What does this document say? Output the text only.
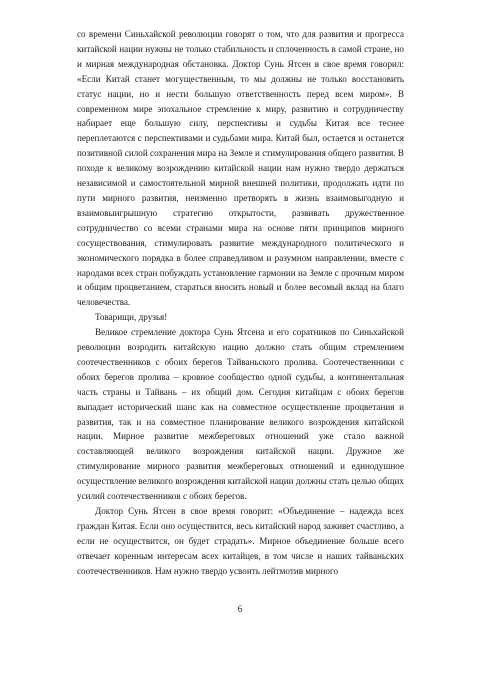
со времени Синьхайской революции говорят о том, что для развития и прогресса китайской нации нужны не только стабильность и сплоченность в самой стране, но и мирная международная обстановка. Доктор Сунь Ятсен в свое время говорил: «Если Китай станет могущественным, то мы должны не только восстановить статус нации, но и нести большую ответственность перед всем миром». В современном мире эпохальное стремление к миру, развитию и сотрудничеству набирает еще большую силу, перспективы и судьбы Китая все теснее переплетаются с перспективами и судьбами мира. Китай был, остается и останется позитивной силой сохранения мира на Земле и стимулирования общего развития. В походе к великому возрождению китайской нации нам нужно твердо держаться независимой и самостоятельной мирной внешней политики, продолжать идти по пути мирного развития, неизменно претворять в жизнь взаимовыгодную и взаимовыигрышную стратегию открытости, развивать дружественное сотрудничество со всеми странами мира на основе пяти принципов мирного сосуществования, стимулировать развитие международного политического и экономического порядка в более справедливом и разумном направлении, вместе с народами всех стран побуждать установление гармонии на Земле с прочным миром и общим процветанием, стараться вносить новый и более весомый вклад на благо человечества.

Товарищи, друзья!

Великое стремление доктора Сунь Ятсена и его соратников по Синьхайской революции возродить китайскую нацию должно стать общим стремлением соотечественников с обоих берегов Тайваньского пролива. Соотечественники с обоих берегов пролива – кровное сообщество одной судьбы, а континентальная часть страны и Тайвань – их общий дом. Сегодня китайцам с обоих берегов выпадает исторический шанс как на совместное осуществление процветания и развития, так и на совместное планирование великого возрождения китайской нации. Мирное развитие межбереговых отношений уже стало важной составляющей великого возрождения китайской нации. Дружное же стимулирование мирного развития межбереговых отношений и единодушное осуществление великого возрождения китайской нации должны стать целью общих усилий соотечественников с обоих берегов.

Доктор Сунь Ятсен в свое время говорит: «Объединение – надежда всех граждан Китая. Если оно осуществится, весь китайский народ заживет счастливо, а если не осуществится, он будет страдать». Мирное объединение больше всего отвечает коренным интересам всех китайцев, в том числе и наших тайваньских соотечественников. Нам нужно твердо усвоить лейтмотив мирного

6
